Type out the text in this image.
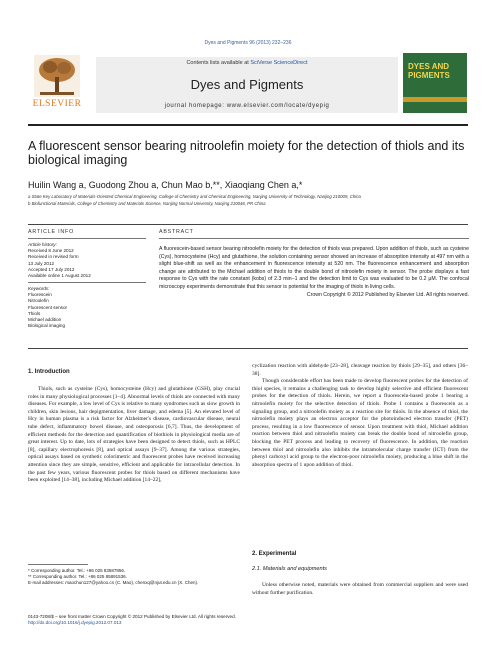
Dyes and Pigments 96 (2013) 232–236
ELSEVIER
Contents lists available at SciVerse ScienceDirect
Dyes and Pigments
journal homepage: www.elsevier.com/locate/dyepig
DYES AND PIGMENTS
A fluorescent sensor bearing nitroolefin moiety for the detection of thiols and its biological imaging
Huilin Wang a, Guodong Zhou a, Chun Mao b,**, Xiaoqiang Chen a,*
a State Key Laboratory of Materials-Oriented Chemical Engineering, College of Chemistry and Chemical Engineering, Nanjing University of Technology, Nanjing 210009, China
b Biofunctional Materials, College of Chemistry and Materials Science, Nanjing Normal University, Nanjing 210046, PR China
ARTICLE INFO
Article history:
Received 8 June 2012
Received in revised form
13 July 2012
Accepted 17 July 2012
Available online 1 August 2012
Keywords:
Fluorescein
Nitroolefin
Fluorescent sensor
Thiols
Michael addition
Biological imaging
ABSTRACT
A fluorescein-based sensor bearing nitroolefin moiety for the detection of thiols was prepared. Upon addition of thiols, such as cysteine (Cys), homocysteine (Hcy) and glutathione, the solution containing sensor showed an increase of absorption intensity at 497 nm with a slight blue-shift as well as the enhancement in fluorescence intensity at 520 nm. The fluorescence enhancement and absorption change are attributed to the Michael addition of thiols to the double bond of nitroolefin moiety in sensor. The probe displays a fast response to Cys with the rate constant (kobs) of 2.3 min−1 and the detection limit to Cys was evaluated to be 0.2 μM. The confocal microscopy experiments demonstrate that this sensor is potential for the imaging of thiols in living cells.
Crown Copyright © 2012 Published by Elsevier Ltd. All rights reserved.
1. Introduction

Thiols, such as cysteine (Cys), homocysteine (Hcy) and glutathione (GSH), play crucial roles in many physiological processes [1–4]. Abnormal levels of thiols are connected with many diseases. For example, a low level of Cys is relative to many syndromes such as slow growth in children, skin lesions, hair depigmentation, liver damage, and edema [5]. An elevated level of Hcy in human plasma is a risk factor for Alzheimer's disease, cardiovascular disease, neural tube defect, inflammatory bowel disease, and osteoporosis [6,7]. Thus, the development of efficient methods for the detection and quantification of biothiols in physiological media are of great interest. Up to date, lots of strategies have been designed to detect thiols, such as HPLC [8], capillary electrophoresis [8], and optical assays [9–37]. Among the various strategies, optical assays based on synthetic colorimetric and fluorescent probes have received increasing attention since they are simple, sensitive, efficient and applicable for intracellular detection. In the past few years, various fluorescent probes for thiols based on different mechanisms have been exploited [14–38], including Michael addition [14–22],

* Corresponding author. Tel.: +86 025 83587856.
** Corresponding author. Tel.: +86 025 85891536.
E-mail addresses: maochun127@yahoo.cn (C. Mao), chenxq@njut.edu.cn (X. Chen).

cyclization reaction with aldehyde [23–28], cleavage reaction by thiols [29–35], and others [36–38].

Though considerable effort has been made to develop fluorescent probes for the detection of thiol species, it remains a challenging task to develop highly selective and efficient fluorescent probes for the detection of thiols. Herein, we report a fluorescein-based probe 1 bearing a nitroolefin moiety for the selective detection of thiols. Probe 1 contains a fluorescein as a signaling group, and a nitroolefin moiety as a reaction site for thiols. In the absence of thiol, the nitroolefin moiety plays an electron acceptor for the photoinduced electron transfer (PET) process, resulting in a low fluorescence of sensor. Upon treatment with thiol, Michael addition reaction between thiol and nitroolefin moiety can break the double bond of nitroolefin group, blocking the PET process and leading to recovery of fluorescence. In addition, the reaction between thiol and nitroolefin also inhibits the intramolecular charge transfer (ICT) from the phenyl carboxyl acid group to the electron-poor nitroolefin moiety, producing a blue shift in the absorption spectra of 1 upon addition of thiol.

2. Experimental
2.1. Materials and equipments

Unless otherwise noted, materials were obtained from commercial suppliers and were used without further purification.

0143-7208/$ – see front matter Crown Copyright © 2012 Published by Elsevier Ltd. All rights reserved.
http://dx.doi.org/10.1016/j.dyepig.2012.07.013
